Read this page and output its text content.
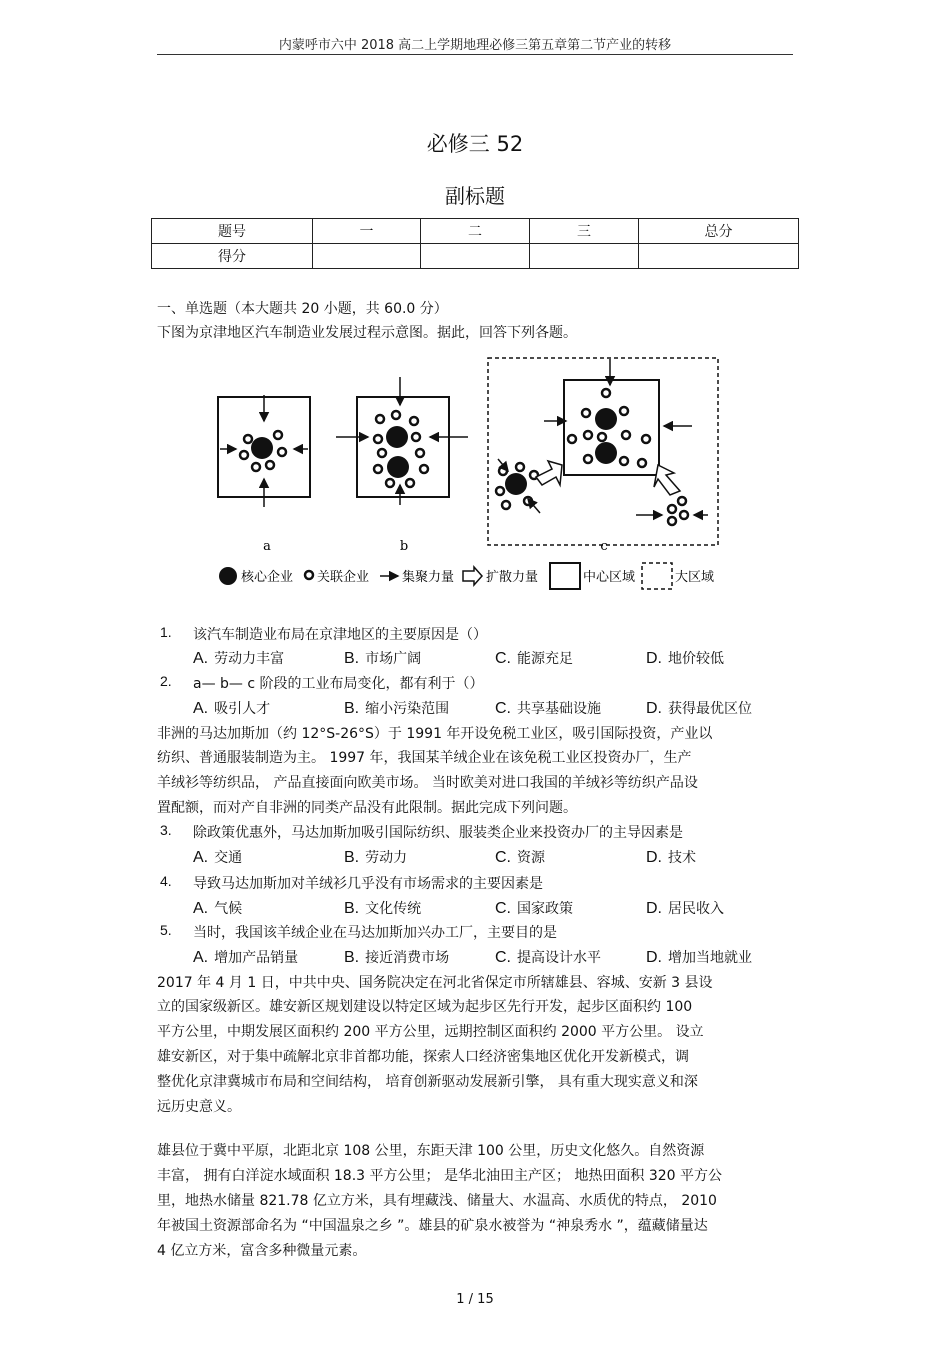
内蒙呼市六中 2018 高二上学期地理必修三第五章第二节产业的转移
必修三 52
副标题
题号	一	二	三	总分
得分				
一、单选题（本大题共 20 小题，共 60.0 分）
下图为京津地区汽车制造业发展过程示意图。据此，回答下列各题。
a	b	c
核心企业 关联企业	集聚力量 扩散力量	中心区域	大区域
1. 该汽车制造业布局在京津地区的主要原因是（）
A. 劳动力丰富	B. 市场广阔	C. 能源充足	D. 地价较低
2. a— b— c 阶段的工业布局变化，都有利于（）
A. 吸引人才	B. 缩小污染范围	C. 共享基础设施	D. 获得最优区位
非洲的马达加斯加（约 12°S-26°S）于 1991 年开设免税工业区，吸引国际投资，产业以
纺织、普通服装制造为主。 1997 年，我国某羊绒企业在该免税工业区投资办厂，生产
羊绒衫等纺织品， 产品直接面向欧美市场。 当时欧美对进口我国的羊绒衫等纺织产品设
置配额，而对产自非洲的同类产品没有此限制。据此完成下列问题。
3. 除政策优惠外，马达加斯加吸引国际纺织、服装类企业来投资办厂的主导因素是
A. 交通	B. 劳动力	C. 资源	D. 技术
4. 导致马达加斯加对羊绒衫几乎没有市场需求的主要因素是
A. 气候	B. 文化传统	C. 国家政策	D. 居民收入
5. 当时，我国该羊绒企业在马达加斯加兴办工厂，主要目的是
A. 增加产品销量	B. 接近消费市场	C. 提高设计水平	D. 增加当地就业
2017 年 4 月 1 日，中共中央、国务院决定在河北省保定市所辖雄县、容城、安新 3 县设
立的国家级新区。雄安新区规划建设以特定区域为起步区先行开发，起步区面积约 100
平方公里，中期发展区面积约 200 平方公里，远期控制区面积约 2000 平方公里。 设立
雄安新区，对于集中疏解北京非首都功能，探索人口经济密集地区优化开发新模式，调
整优化京津冀城市布局和空间结构， 培育创新驱动发展新引擎， 具有重大现实意义和深
远历史意义。
雄县位于冀中平原，北距北京 108 公里，东距天津 100 公里，历史文化悠久。自然资源
丰富， 拥有白洋淀水域面积 18.3 平方公里； 是华北油田主产区； 地热田面积 320 平方公
里，地热水储量 821.78 亿立方米，具有埋藏浅、储量大、水温高、水质优的特点， 2010
年被国土资源部命名为 “中国温泉之乡 ”。雄县的矿泉水被誉为 “神泉秀水 ”，蕴藏储量达
4 亿立方米，富含多种微量元素。
1 / 15
